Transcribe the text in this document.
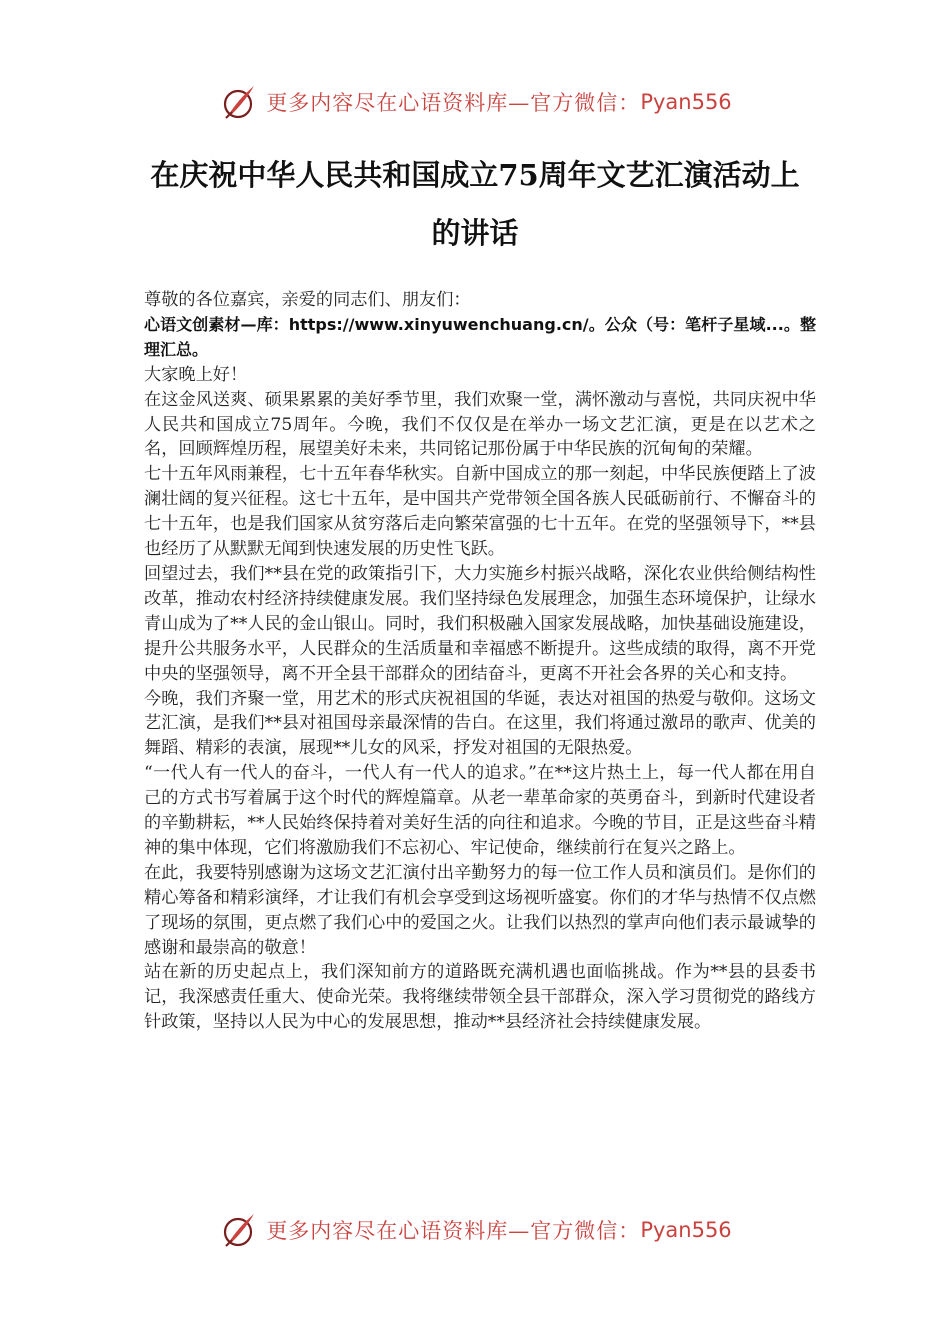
更多内容尽在心语资料库—官方微信： Pyan556
在庆祝中华人民共和国成立75周年文艺汇演活动上
的讲话

尊敬的各位嘉宾，亲爱的同志们、朋友们：

心语文创素材—库：https://www.xinyuwenchuang.cn/。公众（号：笔杆子星域...。整理汇总。

大家晚上好！

在这金风送爽、硕果累累的美好季节里，我们欢聚一堂，满怀激动与喜悦，共同庆祝中华人民共和国成立75周年。今晚，我们不仅仅是在举办一场文艺汇演，更是在以艺术之名，回顾辉煌历程，展望美好未来，共同铭记那份属于中华民族的沉甸甸的荣耀。

七十五年风雨兼程，七十五年春华秋实。自新中国成立的那一刻起，中华民族便踏上了波澜壮阔的复兴征程。这七十五年，是中国共产党带领全国各族人民砥砺前行、不懈奋斗的七十五年，也是我们国家从贫穷落后走向繁荣富强的七十五年。在党的坚强领导下，**县也经历了从默默无闻到快速发展的历史性飞跃。

回望过去，我们**县在党的政策指引下，大力实施乡村振兴战略，深化农业供给侧结构性改革，推动农村经济持续健康发展。我们坚持绿色发展理念，加强生态环境保护，让绿水青山成为了**人民的金山银山。同时，我们积极融入国家发展战略，加快基础设施建设，提升公共服务水平，人民群众的生活质量和幸福感不断提升。这些成绩的取得，离不开党中央的坚强领导，离不开全县干部群众的团结奋斗，更离不开社会各界的关心和支持。

今晚，我们齐聚一堂，用艺术的形式庆祝祖国的华诞，表达对祖国的热爱与敬仰。这场文艺汇演，是我们**县对祖国母亲最深情的告白。在这里，我们将通过激昂的歌声、优美的舞蹈、精彩的表演，展现**儿女的风采，抒发对祖国的无限热爱。

“一代人有一代人的奋斗，一代人有一代人的追求。”在**这片热土上，每一代人都在用自己的方式书写着属于这个时代的辉煌篇章。从老一辈革命家的英勇奋斗，到新时代建设者的辛勤耕耘，**人民始终保持着对美好生活的向往和追求。今晚的节目，正是这些奋斗精神的集中体现，它们将激励我们不忘初心、牢记使命，继续前行在复兴之路上。

在此，我要特别感谢为这场文艺汇演付出辛勤努力的每一位工作人员和演员们。是你们的精心筹备和精彩演绎，才让我们有机会享受到这场视听盛宴。你们的才华与热情不仅点燃了现场的氛围，更点燃了我们心中的爱国之火。让我们以热烈的掌声向他们表示最诚挚的感谢和最崇高的敬意！

站在新的历史起点上，我们深知前方的道路既充满机遇也面临挑战。作为**县的县委书记，我深感责任重大、使命光荣。我将继续带领全县干部群众，深入学习贯彻党的路线方针政策，坚持以人民为中心的发展思想，推动**县经济社会持续健康发展。

更多内容尽在心语资料库—官方微信： Pyan556
